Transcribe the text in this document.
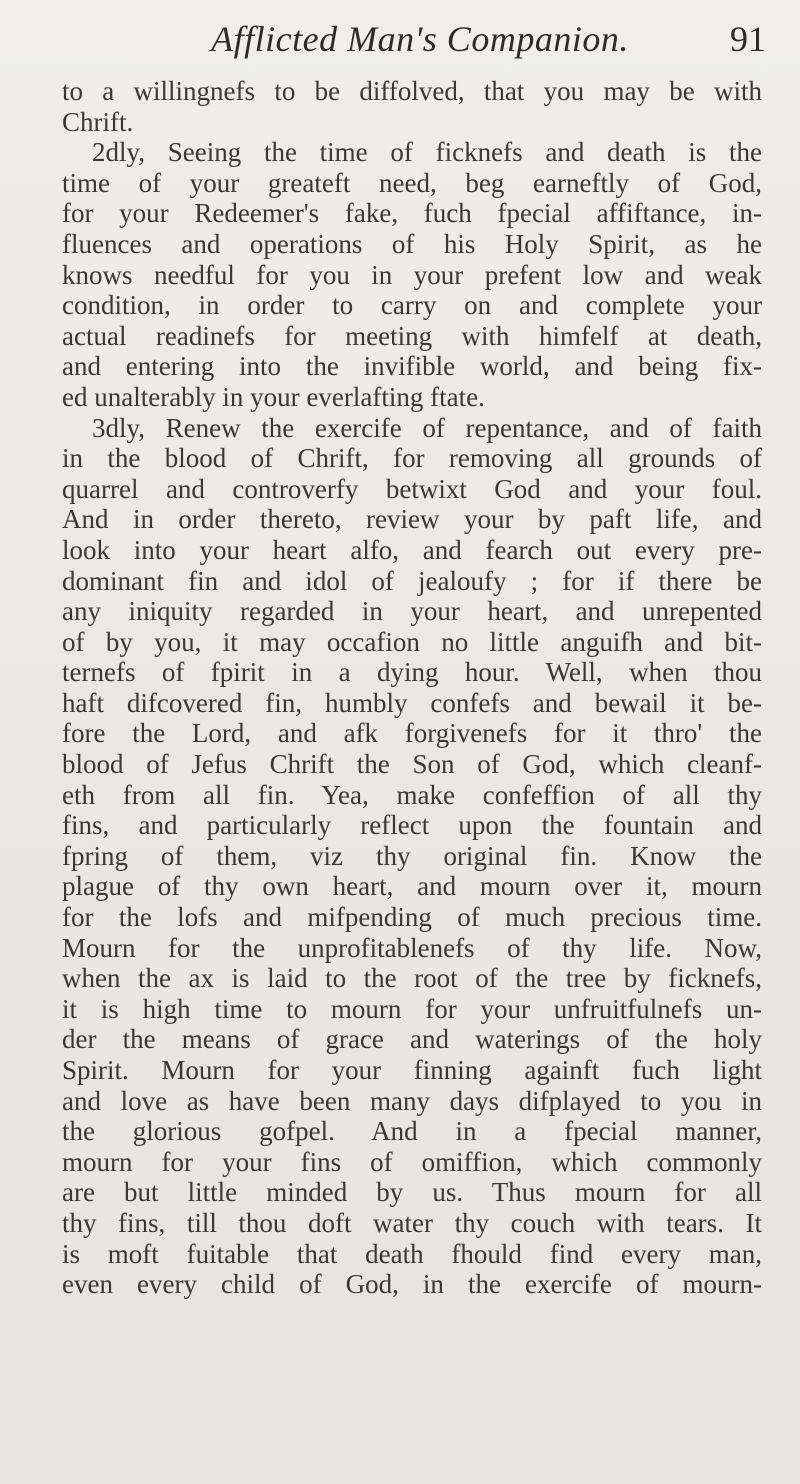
Afflicted Man's Companion.	91
to a willingnefs to be diffolved, that you may be with
Chrift.
2dly, Seeing the time of ficknefs and death is the
time of your greateft need, beg earneftly of God,
for your Redeemer's fake, fuch fpecial affiftance, in-
fluences and operations of his Holy Spirit, as he
knows needful for you in your prefent low and weak
condition, in order to carry on and complete your
actual readinefs for meeting with himfelf at death,
and entering into the invifible world, and being fix-
ed unalterably in your everlafting ftate.
3dly, Renew the exercife of repentance, and of faith
in the blood of Chrift, for removing all grounds of
quarrel and controverfy betwixt God and your foul.
And in order thereto, review your by paft life, and
look into your heart alfo, and fearch out every pre-
dominant fin and idol of jealoufy ; for if there be
any iniquity regarded in your heart, and unrepented
of by you, it may occafion no little anguifh and bit-
ternefs of fpirit in a dying hour. Well, when thou
haft difcovered fin, humbly confefs and bewail it be-
fore the Lord, and afk forgivenefs for it thro' the
blood of Jefus Chrift the Son of God, which cleanf-
eth from all fin. Yea, make confeffion of all thy
fins, and particularly reflect upon the fountain and
fpring of them, viz thy original fin. Know the
plague of thy own heart, and mourn over it, mourn
for the lofs and mifpending of much precious time.
Mourn for the unprofitablenefs of thy life. Now,
when the ax is laid to the root of the tree by ficknefs,
it is high time to mourn for your unfruitfulnefs un-
der the means of grace and waterings of the holy
Spirit. Mourn for your finning againft fuch light
and love as have been many days difplayed to you in
the glorious gofpel. And in a fpecial manner,
mourn for your fins of omiffion, which commonly
are but little minded by us. Thus mourn for all
thy fins, till thou doft water thy couch with tears. It
is moft fuitable that death fhould find every man,
even every child of God, in the exercife of mourn-
